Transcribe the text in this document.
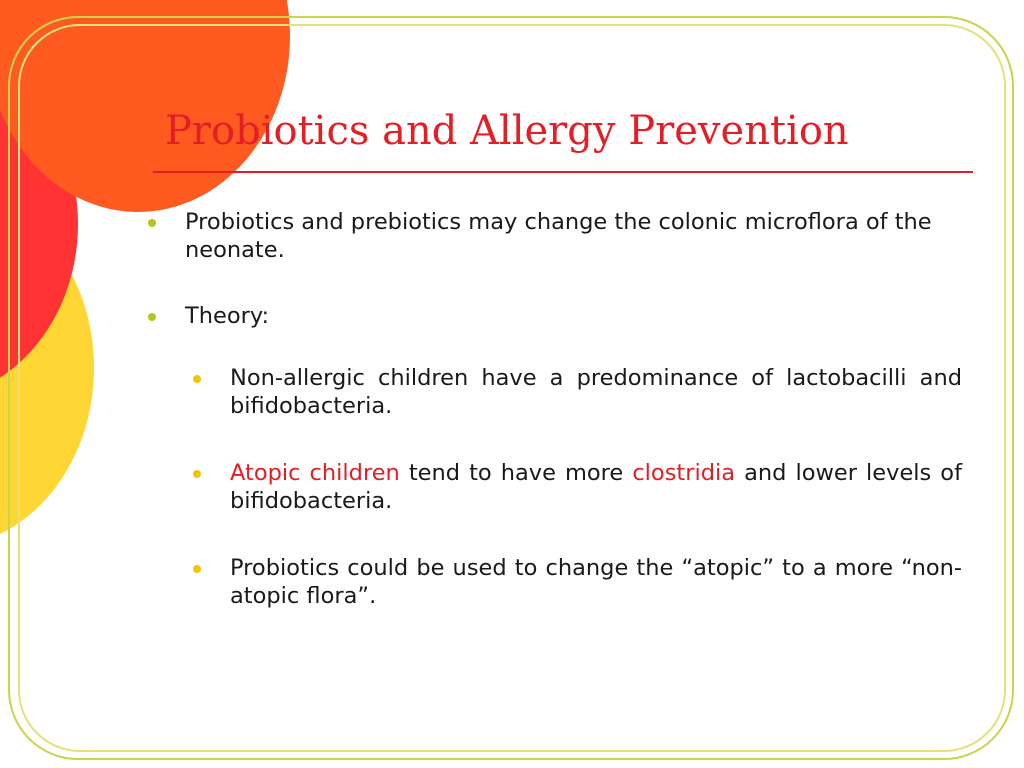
Probiotics and Allergy Prevention
Probiotics and prebiotics may change the colonic microflora of the neonate.
Theory:
Non-allergic children have a predominance of lactobacilli and bifidobacteria.
Atopic children tend to have more clostridia and lower levels of bifidobacteria.
Probiotics could be used to change the “atopic” to a more “non-atopic flora”.
